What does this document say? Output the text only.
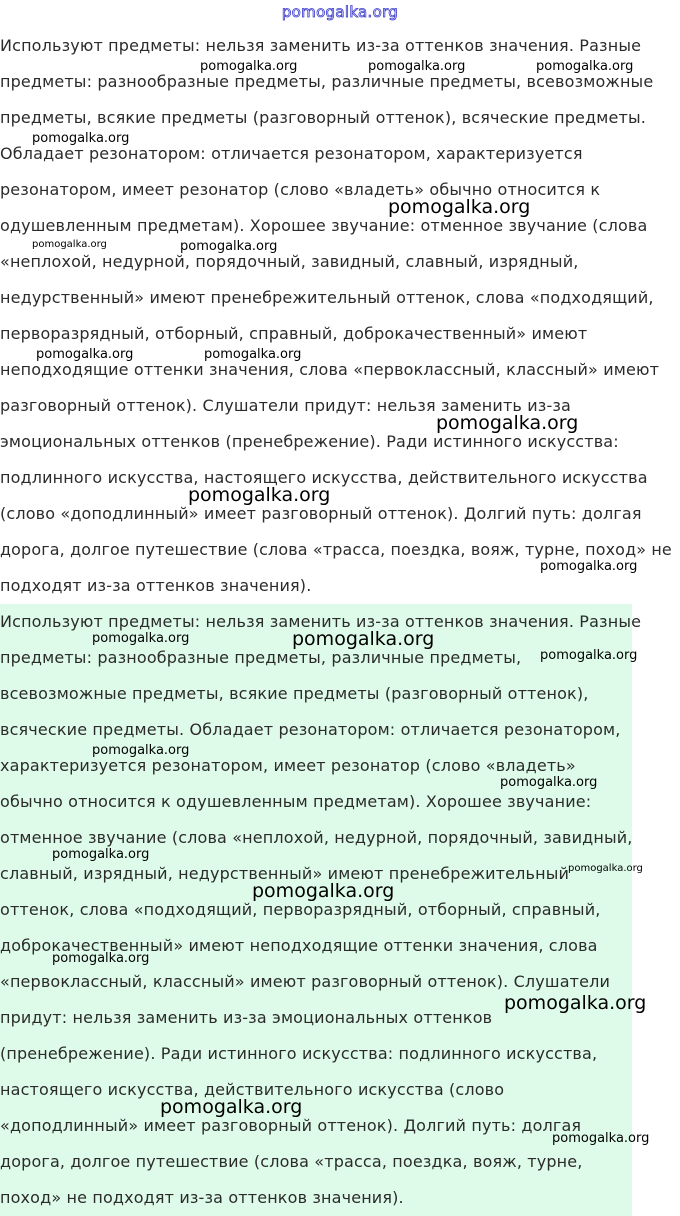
pomogalka.org
Используют предметы: нельзя заменить из-за оттенков значения. Разные
предметы: разнообразные предметы, различные предметы, всевозможные
предметы, всякие предметы (разговорный оттенок), всяческие предметы.
Обладает резонатором: отличается резонатором, характеризуется
резонатором, имеет резонатор (слово «владеть» обычно относится к
одушевленным предметам). Хорошее звучание: отменное звучание (слова
«неплохой, недурной, порядочный, завидный, славный, изрядный,
недурственный» имеют пренебрежительный оттенок, слова «подходящий,
перворазрядный, отборный, справный, доброкачественный» имеют
неподходящие оттенки значения, слова «первоклассный, классный» имеют
разговорный оттенок). Слушатели придут: нельзя заменить из-за
эмоциональных оттенков (пренебрежение). Ради истинного искусства:
подлинного искусства, настоящего искусства, действительного искусства
(слово «доподлинный» имеет разговорный оттенок). Долгий путь: долгая
дорога, долгое путешествие (слова «трасса, поездка, вояж, турне, поход» не
подходят из-за оттенков значения).
Используют предметы: нельзя заменить из-за оттенков значения. Разные
предметы: разнообразные предметы, различные предметы,
всевозможные предметы, всякие предметы (разговорный оттенок),
всяческие предметы. Обладает резонатором: отличается резонатором,
характеризуется резонатором, имеет резонатор (слово «владеть»
обычно относится к одушевленным предметам). Хорошее звучание:
отменное звучание (слова «неплохой, недурной, порядочный, завидный,
славный, изрядный, недурственный» имеют пренебрежительный
оттенок, слова «подходящий, перворазрядный, отборный, справный,
доброкачественный» имеют неподходящие оттенки значения, слова
«первоклассный, классный» имеют разговорный оттенок). Слушатели
придут: нельзя заменить из-за эмоциональных оттенков
(пренебрежение). Ради истинного искусства: подлинного искусства,
настоящего искусства, действительного искусства (слово
«доподлинный» имеет разговорный оттенок). Долгий путь: долгая
дорога, долгое путешествие (слова «трасса, поездка, вояж, турне,
поход» не подходят из-за оттенков значения).
pomogalka.org	pomogalka.org	pomogalka.org
pomogalka.org
pomogalka.org
pomogalka.org	pomogalka.org
pomogalka.org	pomogalka.org
pomogalka.org
pomogalka.org
pomogalka.org
pomogalka.org	pomogalka.org
pomogalka.org
pomogalka.org
pomogalka.org
pomogalka.org
pomogalka.org
pomogalka.org
pomogalka.org
pomogalka.org
pomogalka.org
pomogalka.org
